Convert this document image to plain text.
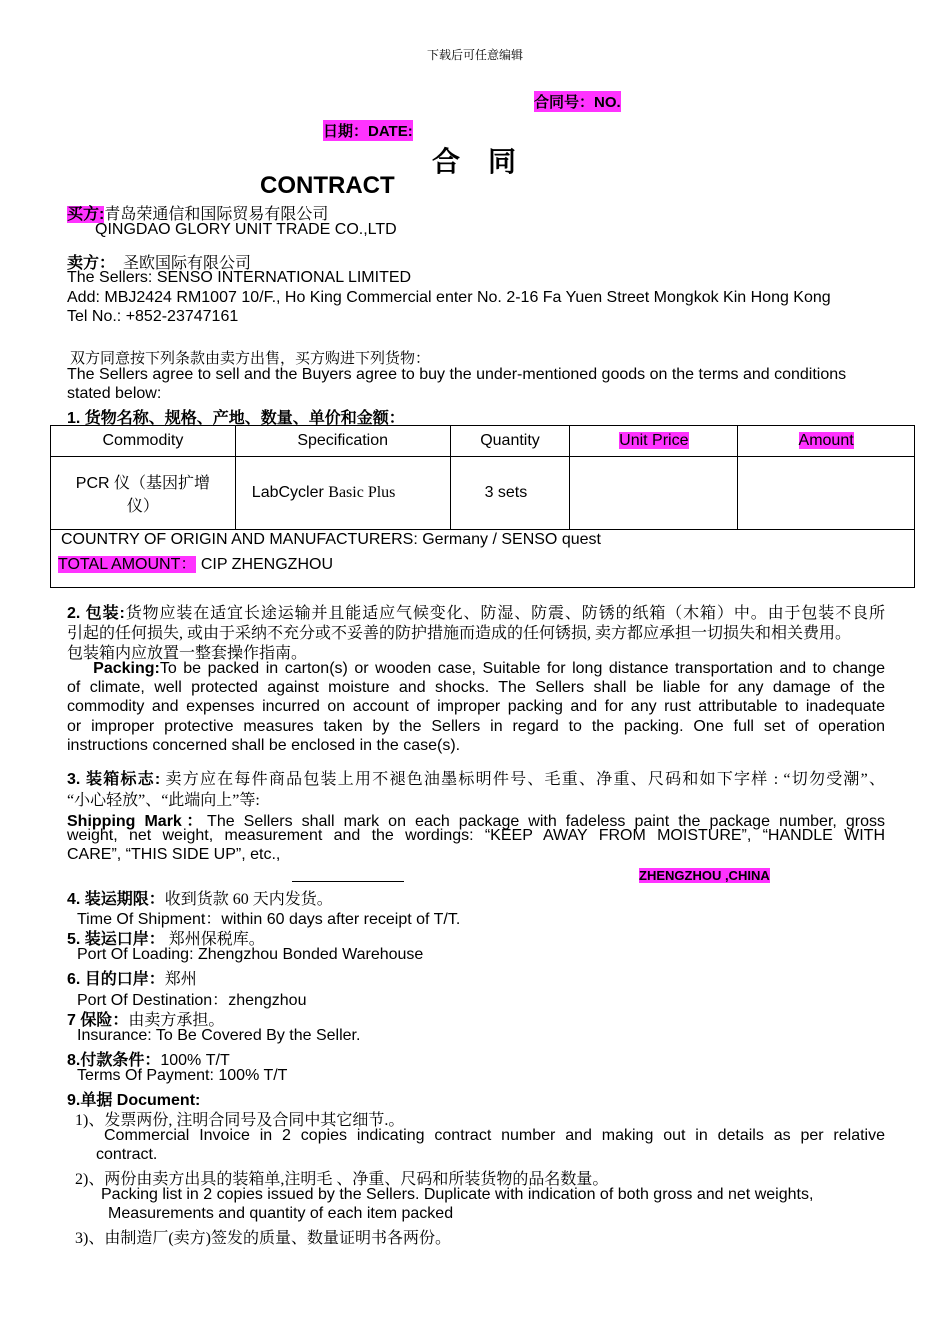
下载后可任意编辑
合同号：NO.
日期：DATE:
合　同
CONTRACT
买方:青岛荣通信和国际贸易有限公司
QINGDAO GLORY UNIT TRADE CO.,LTD
卖方： 圣欧国际有限公司
The Sellers: SENSO INTERNATIONAL LIMITED
Add: MBJ2424 RM1007 10/F., Ho King Commercial enter No. 2-16 Fa Yuen Street Mongkok Kin Hong Kong
Tel No.: +852-23747161
双方同意按下列条款由卖方出售，买方购进下列货物：
The Sellers agree to sell and the Buyers agree to buy the under-mentioned goods on the terms and conditions
stated below:
1. 货物名称、规格、产地、数量、单价和金额：
Commodity	Specification	Quantity	Unit Price	Amount

PCR 仪（基因扩增
仪）	LabCycler Basic Plus	3 sets		
COUNTRY OF ORIGIN AND MANUFACTURERS: Germany / SENSO quest
TOTAL AMOUNT： CIP ZHENGZHOU
2. 包装:货物应装在适宜长途运输并且能适应气候变化、防湿、防震、防锈的纸箱（木箱）中。由于包装不良所
引起的任何损失, 或由于采纳不充分或不妥善的防护措施而造成的任何锈损, 卖方都应承担一切损失和相关费用。
包装箱内应放置一整套操作指南。
Packing:To be packed in carton(s) or wooden case, Suitable for long distance transportation and to change
of climate, well protected against moisture and shocks. The Sellers shall be liable for any damage of the
commodity and expenses incurred on account of improper packing and for any rust attributable to inadequate
or improper protective measures taken by the Sellers in regard to the packing. One full set of operation
instructions concerned shall be enclosed in the case(s).
3. 装箱标志: 卖方应在每件商品包装上用不褪色油墨标明件号、毛重、净重、尺码和如下字样 : “切勿受潮”、
“小心轻放”、“此端向上”等:
Shipping Mark：The Sellers shall mark on each package with fadeless paint the package number, gross
weight, net weight, measurement and the wordings: “KEEP AWAY FROM MOISTURE”, “HANDLE WITH
CARE”, “THIS SIDE UP”, etc.,
ZHENGZHOU ,CHINA
4. 装运期限：收到货款 60 天内发货。
Time Of Shipment：within 60 days after receipt of T/T.
5. 装运口岸： 郑州保税库。
Port Of Loading: Zhengzhou Bonded Warehouse
6. 目的口岸：郑州
Port Of Destination：zhengzhou
7 保险：由卖方承担。
Insurance: To Be Covered By the Seller.
8.付款条件：100% T/T
Terms Of Payment: 100% T/T
9.单据 Document:
1)、发票两份, 注明合同号及合同中其它细节.。
Commercial Invoice in 2 copies indicating contract number and making out in details as per relative
contract.
2)、两份由卖方出具的装箱单,注明毛 、净重、尺码和所装货物的品名数量。
Packing list in 2 copies issued by the Sellers. Duplicate with indication of both gross and net weights,
Measurements and quantity of each item packed
3)、由制造厂(卖方)签发的质量、数量证明书各两份。
